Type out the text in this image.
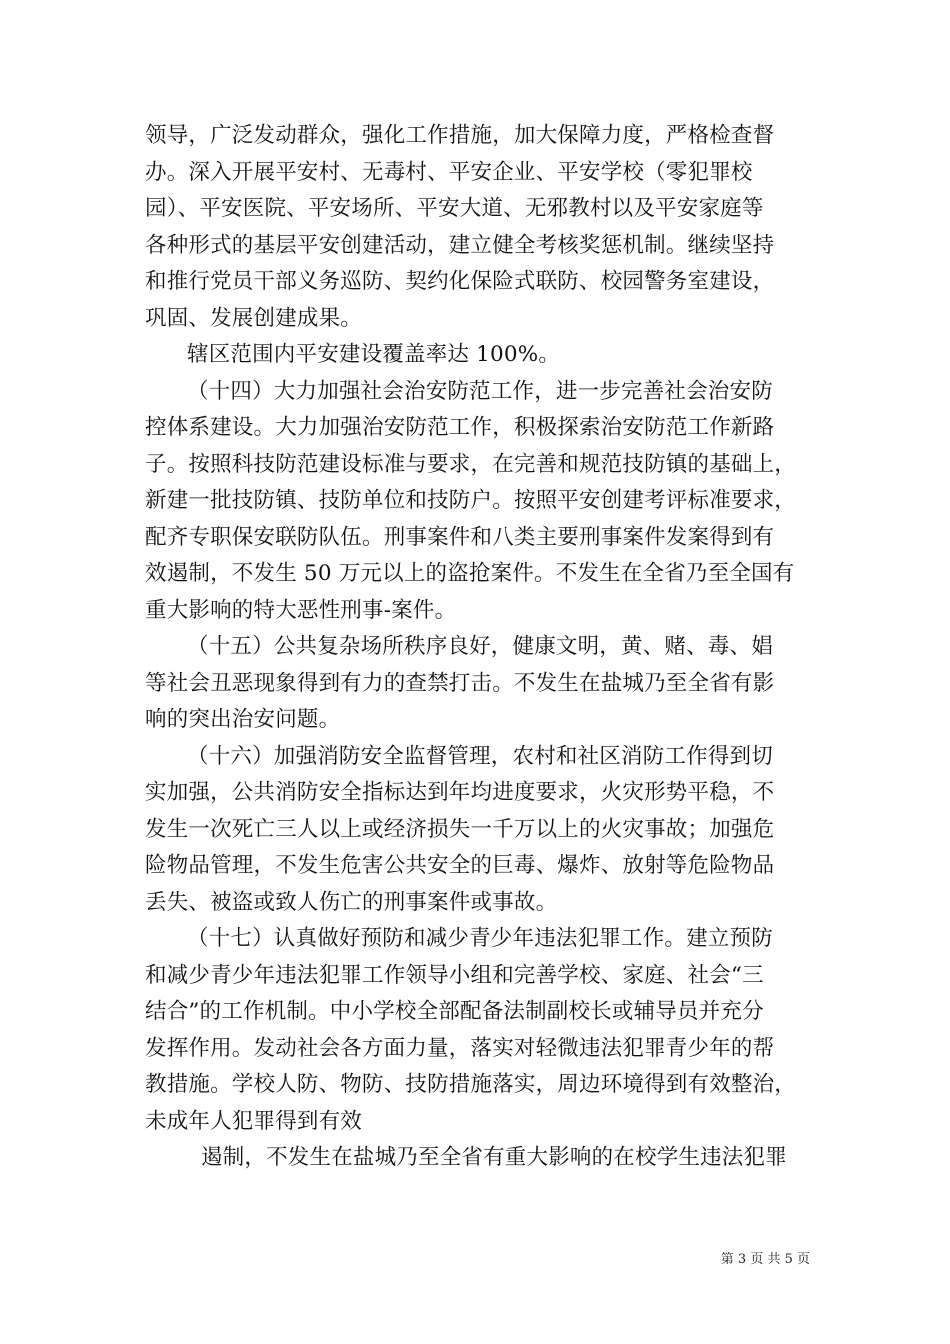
领导，广泛发动群众，强化工作措施，加大保障力度，严格检查督
办。深入开展平安村、无毒村、平安企业、平安学校（零犯罪校
园）、平安医院、平安场所、平安大道、无邪教村以及平安家庭等
各种形式的基层平安创建活动，建立健全考核奖惩机制。继续坚持
和推行党员干部义务巡防、契约化保险式联防、校园警务室建设，
巩固、发展创建成果。
辖区范围内平安建设覆盖率达 100%。
（十四）大力加强社会治安防范工作，进一步完善社会治安防
控体系建设。大力加强治安防范工作，积极探索治安防范工作新路
子。按照科技防范建设标准与要求，在完善和规范技防镇的基础上，
新建一批技防镇、技防单位和技防户。按照平安创建考评标准要求，
配齐专职保安联防队伍。刑事案件和八类主要刑事案件发案得到有
效遏制，不发生 50 万元以上的盗抢案件。不发生在全省乃至全国有
重大影响的特大恶性刑事-案件。
（十五）公共复杂场所秩序良好，健康文明，黄、赌、毒、娼
等社会丑恶现象得到有力的查禁打击。不发生在盐城乃至全省有影
响的突出治安问题。
（十六）加强消防安全监督管理，农村和社区消防工作得到切
实加强，公共消防安全指标达到年均进度要求，火灾形势平稳，不
发生一次死亡三人以上或经济损失一千万以上的火灾事故；加强危
险物品管理，不发生危害公共安全的巨毒、爆炸、放射等危险物品
丢失、被盗或致人伤亡的刑事案件或事故。
（十七）认真做好预防和减少青少年违法犯罪工作。建立预防
和减少青少年违法犯罪工作领导小组和完善学校、家庭、社会“三
结合”的工作机制。中小学校全部配备法制副校长或辅导员并充分
发挥作用。发动社会各方面力量，落实对轻微违法犯罪青少年的帮
教措施。学校人防、物防、技防措施落实，周边环境得到有效整治，
未成年人犯罪得到有效
遏制，不发生在盐城乃至全省有重大影响的在校学生违法犯罪
第 3 页 共 5 页
